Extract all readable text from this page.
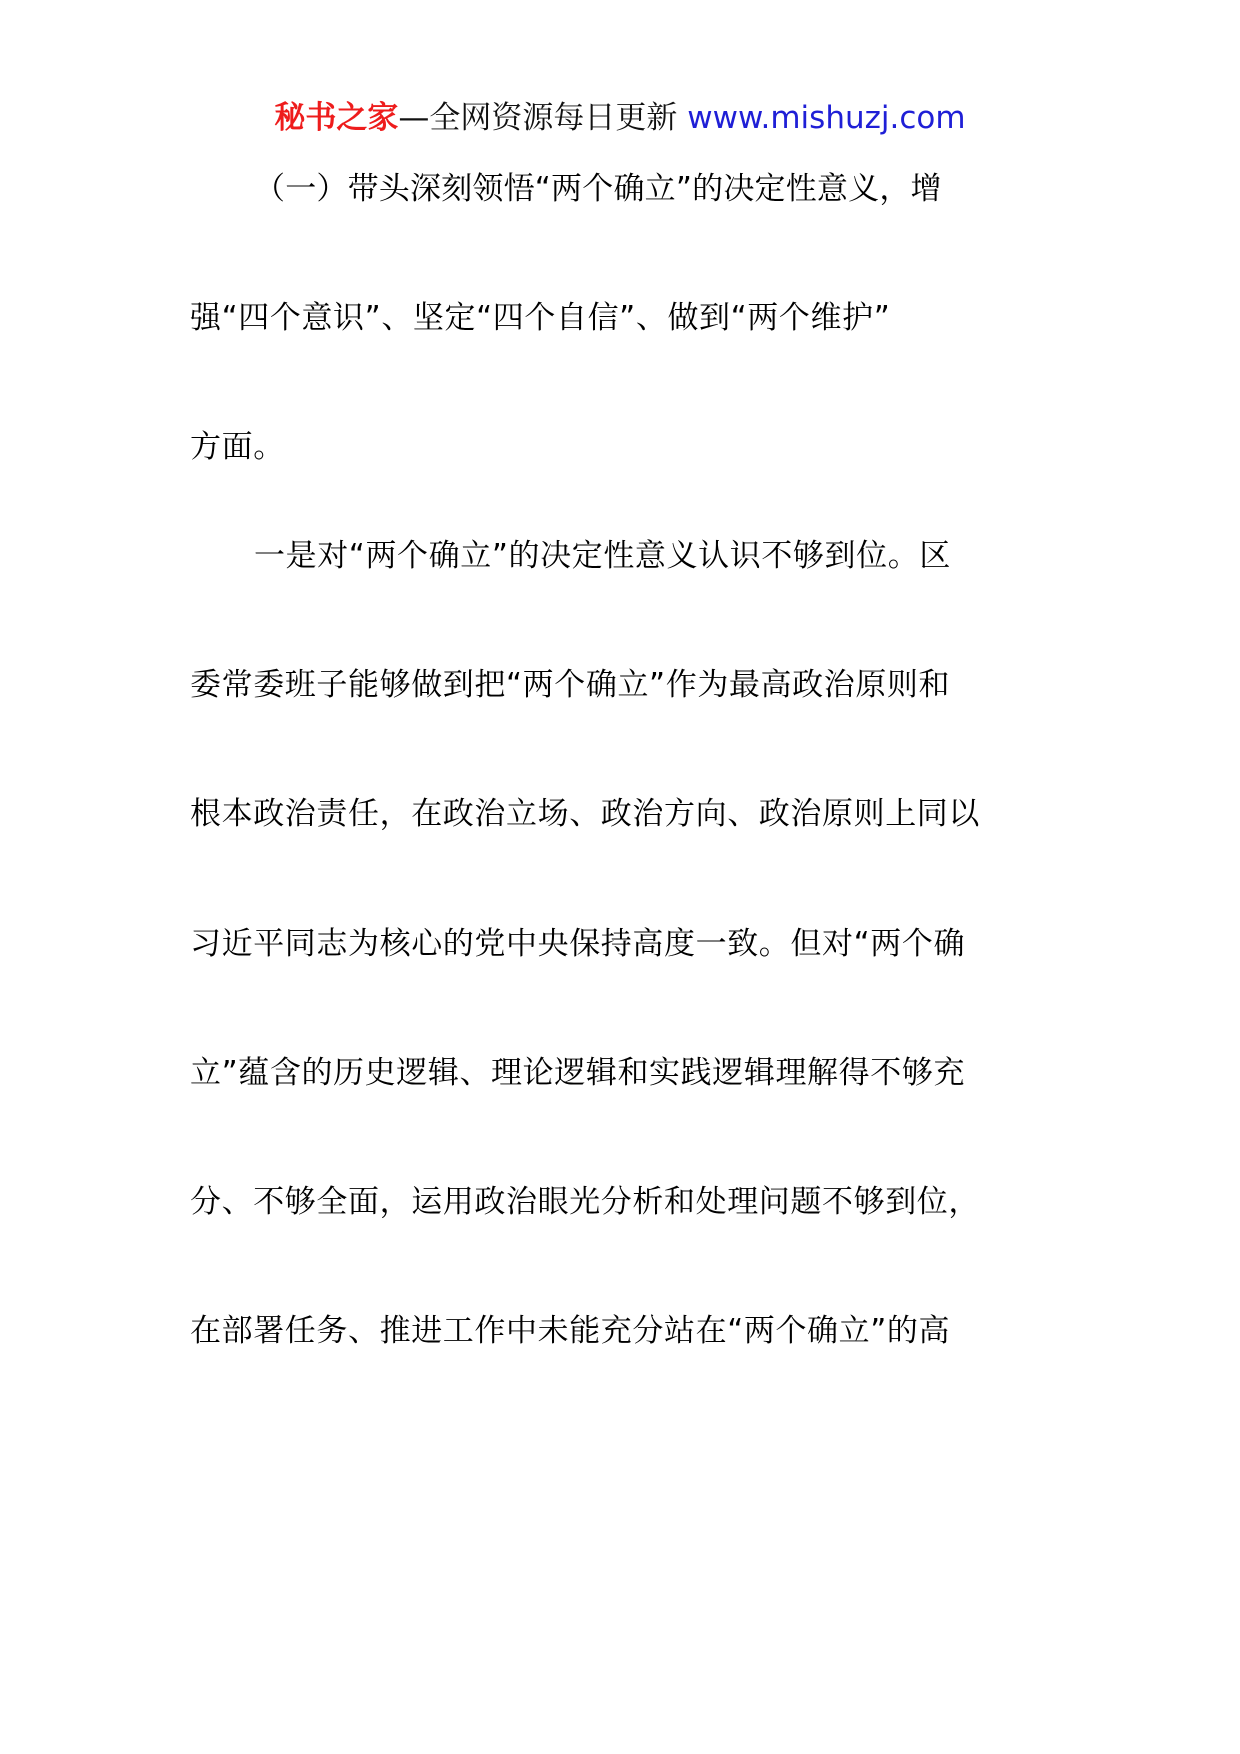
秘书之家—全网资源每日更新 www.mishuzj.com
（一）带头深刻领悟“两个确立”的决定性意义，增
强“四个意识”、坚定“四个自信”、做到“两个维护”
方面。
一是对“两个确立”的决定性意义认识不够到位。区
委常委班子能够做到把“两个确立”作为最高政治原则和
根本政治责任，在政治立场、政治方向、政治原则上同以
习近平同志为核心的党中央保持高度一致。但对“两个确
立”蕴含的历史逻辑、理论逻辑和实践逻辑理解得不够充
分、不够全面，运用政治眼光分析和处理问题不够到位，
在部署任务、推进工作中未能充分站在“两个确立”的高
